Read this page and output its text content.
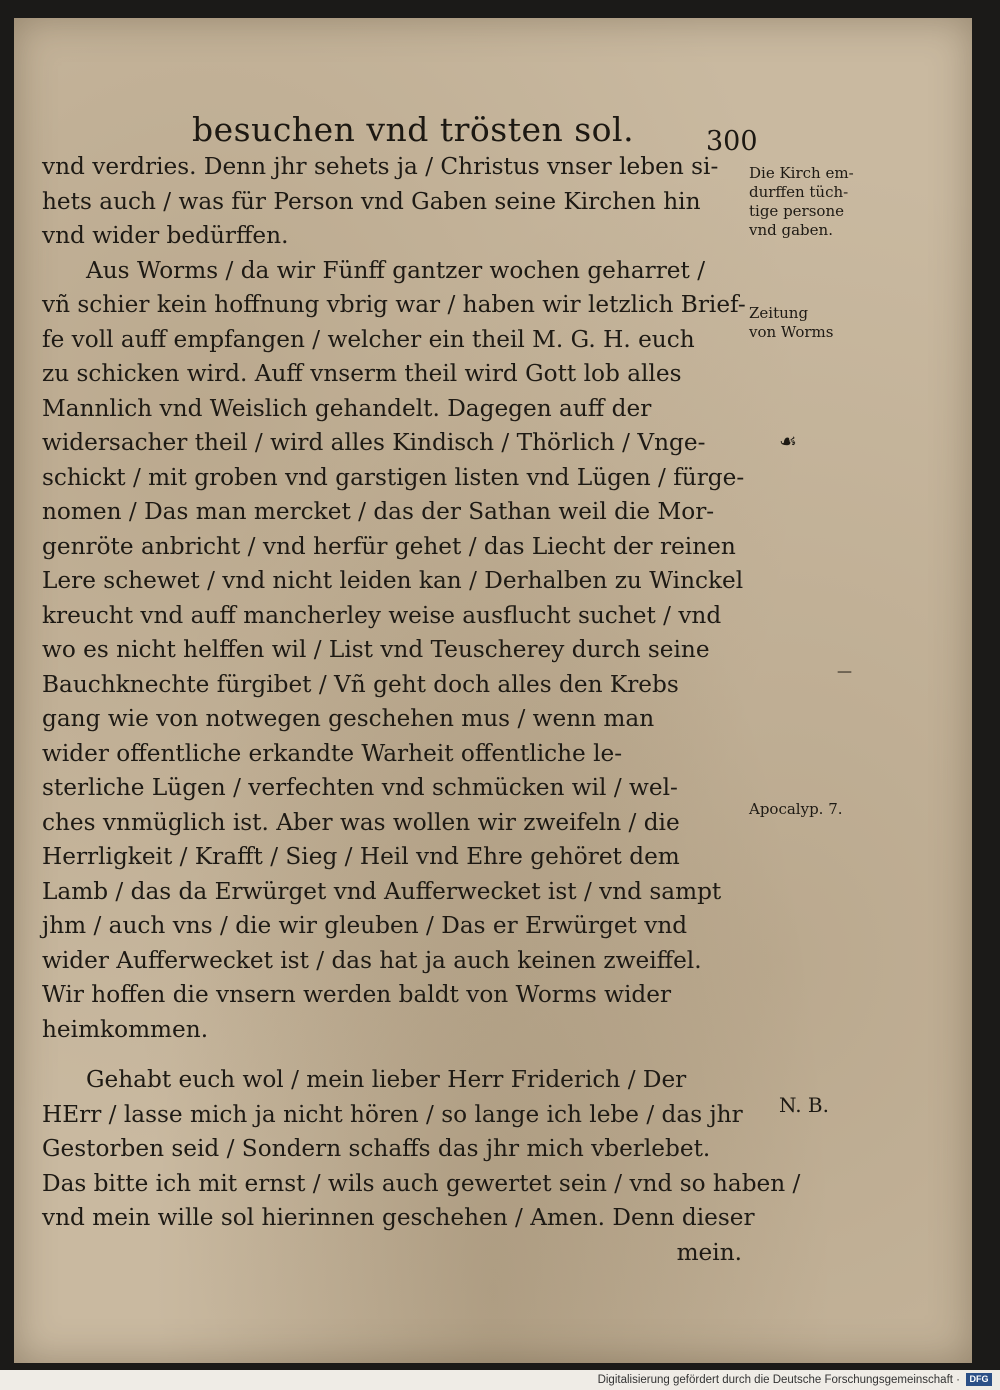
besuchen vnd trösten sol.	300
vnd verdries. Denn jhr sehets ja / Christus vnser leben si-
hets auch / was für Person vnd Gaben seine Kirchen hin
vnd wider bedürffen.
Aus Worms / da wir Fünff gantzer wochen geharret /
vñ schier kein hoffnung vbrig war / haben wir letzlich Brief-
fe voll auff empfangen / welcher ein theil M. G. H. euch
zu schicken wird. Auff vnserm theil wird Gott lob alles
Mannlich vnd Weislich gehandelt. Dagegen auff der
widersacher theil / wird alles Kindisch / Thörlich / Vnge-
schickt / mit groben vnd garstigen listen vnd Lügen / fürge-
nomen / Das man mercket / das der Sathan weil die Mor-
genröte anbricht / vnd herfür gehet / das Liecht der reinen
Lere schewet / vnd nicht leiden kan / Derhalben zu Winckel
kreucht vnd auff mancherley weise ausflucht suchet / vnd
wo es nicht helffen wil / List vnd Teuscherey durch seine
Bauchknechte fürgibet / Vñ geht doch alles den Krebs
gang wie von notwegen geschehen mus / wenn man
wider offentliche erkandte Warheit offentliche le-
sterliche Lügen / verfechten vnd schmücken wil / wel-
ches vnmüglich ist. Aber was wollen wir zweifeln / die
Herrligkeit / Krafft / Sieg / Heil vnd Ehre gehöret dem
Lamb / das da Erwürget vnd Aufferwecket ist / vnd sampt
jhm / auch vns / die wir gleuben / Das er Erwürget vnd
wider Aufferwecket ist / das hat ja auch keinen zweiffel.
Wir hoffen die vnsern werden baldt von Worms wider
heimkommen.
Gehabt euch wol / mein lieber Herr Friderich / Der
HErr / lasse mich ja nicht hören / so lange ich lebe / das jhr
Gestorben seid / Sondern schaffs das jhr mich vberlebet.
Das bitte ich mit ernst / wils auch gewertet sein / vnd so haben /
vnd mein wille sol hierinnen geschehen / Amen. Denn dieser
mein.
Die Kirch em-
durffen tüch-
tige persone
vnd gaben.
Zeitung
von Worms
☙
—
Apocalyp. 7.
N. B.
Digitalisierung gefördert durch die Deutsche Forschungsgemeinschaft ·	DFG
